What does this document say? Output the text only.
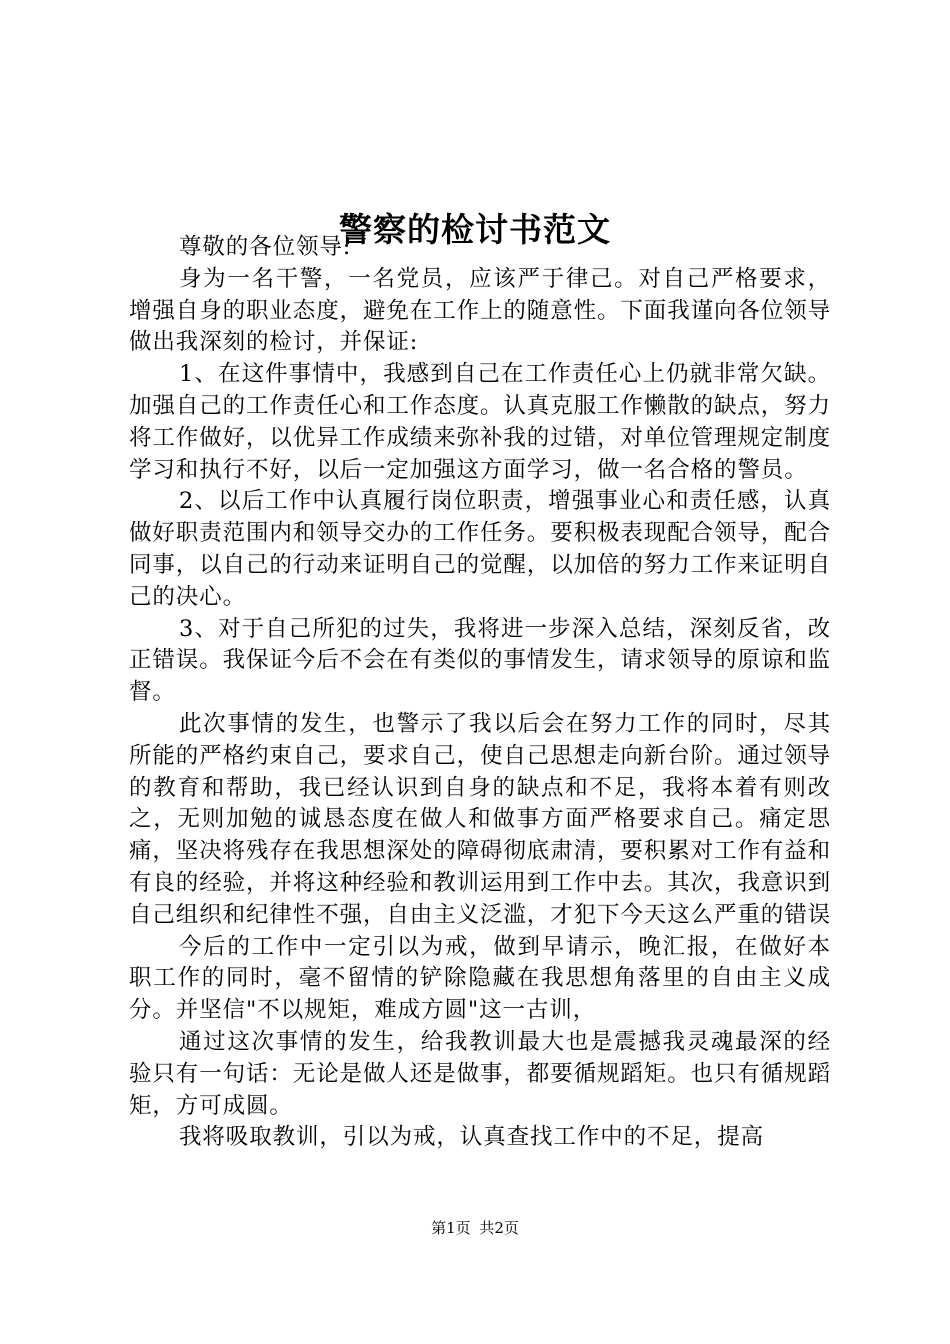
警察的检讨书范文

尊敬的各位领导:

身为一名干警，一名党员，应该严于律己。对自己严格要求，增强自身的职业态度，避免在工作上的随意性。下面我谨向各位领导做出我深刻的检讨，并保证:

1、在这件事情中，我感到自己在工作责任心上仍就非常欠缺。加强自己的工作责任心和工作态度。认真克服工作懒散的缺点，努力将工作做好，以优异工作成绩来弥补我的过错，对单位管理规定制度学习和执行不好，以后一定加强这方面学习，做一名合格的警员。

2、以后工作中认真履行岗位职责，增强事业心和责任感，认真做好职责范围内和领导交办的工作任务。要积极表现配合领导，配合同事，以自己的行动来证明自己的觉醒，以加倍的努力工作来证明自己的决心。

3、对于自己所犯的过失，我将进一步深入总结，深刻反省，改正错误。我保证今后不会在有类似的事情发生，请求领导的原谅和监督。

此次事情的发生，也警示了我以后会在努力工作的同时，尽其所能的严格约束自己，要求自己，使自己思想走向新台阶。通过领导的教育和帮助，我已经认识到自身的缺点和不足，我将本着有则改之，无则加勉的诚恳态度在做人和做事方面严格要求自己。痛定思痛，坚决将残存在我思想深处的障碍彻底肃清，要积累对工作有益和有良的经验，并将这种经验和教训运用到工作中去。其次，我意识到自己组织和纪律性不强，自由主义泛滥，才犯下今天这么严重的错误

今后的工作中一定引以为戒，做到早请示，晚汇报，在做好本职工作的同时，毫不留情的铲除隐藏在我思想角落里的自由主义成分。并坚信"不以规矩，难成方圆"这一古训，

通过这次事情的发生，给我教训最大也是震撼我灵魂最深的经验只有一句话：无论是做人还是做事，都要循规蹈矩。也只有循规蹈矩，方可成圆。

我将吸取教训，引以为戒，认真查找工作中的不足，提高

第1页 共2页
